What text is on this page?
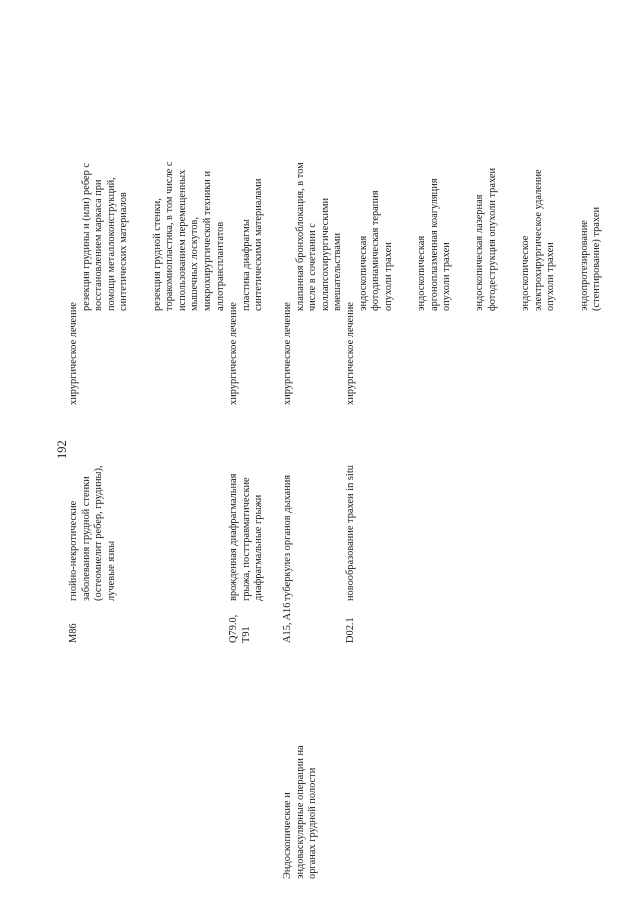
192
M86
гнойно-некротические
заболевания грудной стенки
(остеомиелит ребер, грудины),
лучевые язвы
хирургическое лечение

резекция грудины и (или) ребер с
восстановлением каркаса при
помощи металлоконструкций,
синтетических материалов

резекция грудной стенки,
торакомиопластика, в том числе с
использованием перемещенных
мышечных лоскутов,
микрохирургической техники и
аллотрансплантатов

Q79.0,
T91
врожденная диафрагмальная
грыжа, посттравматические
диафрагмальные грыжи
хирургическое лечение

пластика диафрагмы
синтетическими материалами

Эндоскопические и
эндоваскулярные операции на
органах грудной полости
A15, A16
туберкулез органов дыхания
хирургическое лечение

клапанная бронхоблокация, в том
числе в сочетании с
коллапсохирургическими
вмешательствами

D02.1
новообразование трахеи in situ
хирургическое лечение

эндоскопическая
фотодинамическая терапия
опухоли трахеи эндоскопическая
аргоноплазменная коагуляция
опухоли трахеи эндоскопическая лазерная
фотодеструкция опухоли трахеи

эндоскопическое
электрохирургическое удаление
опухоли трахеи эндопротезирование
(стентирование) трахеи
